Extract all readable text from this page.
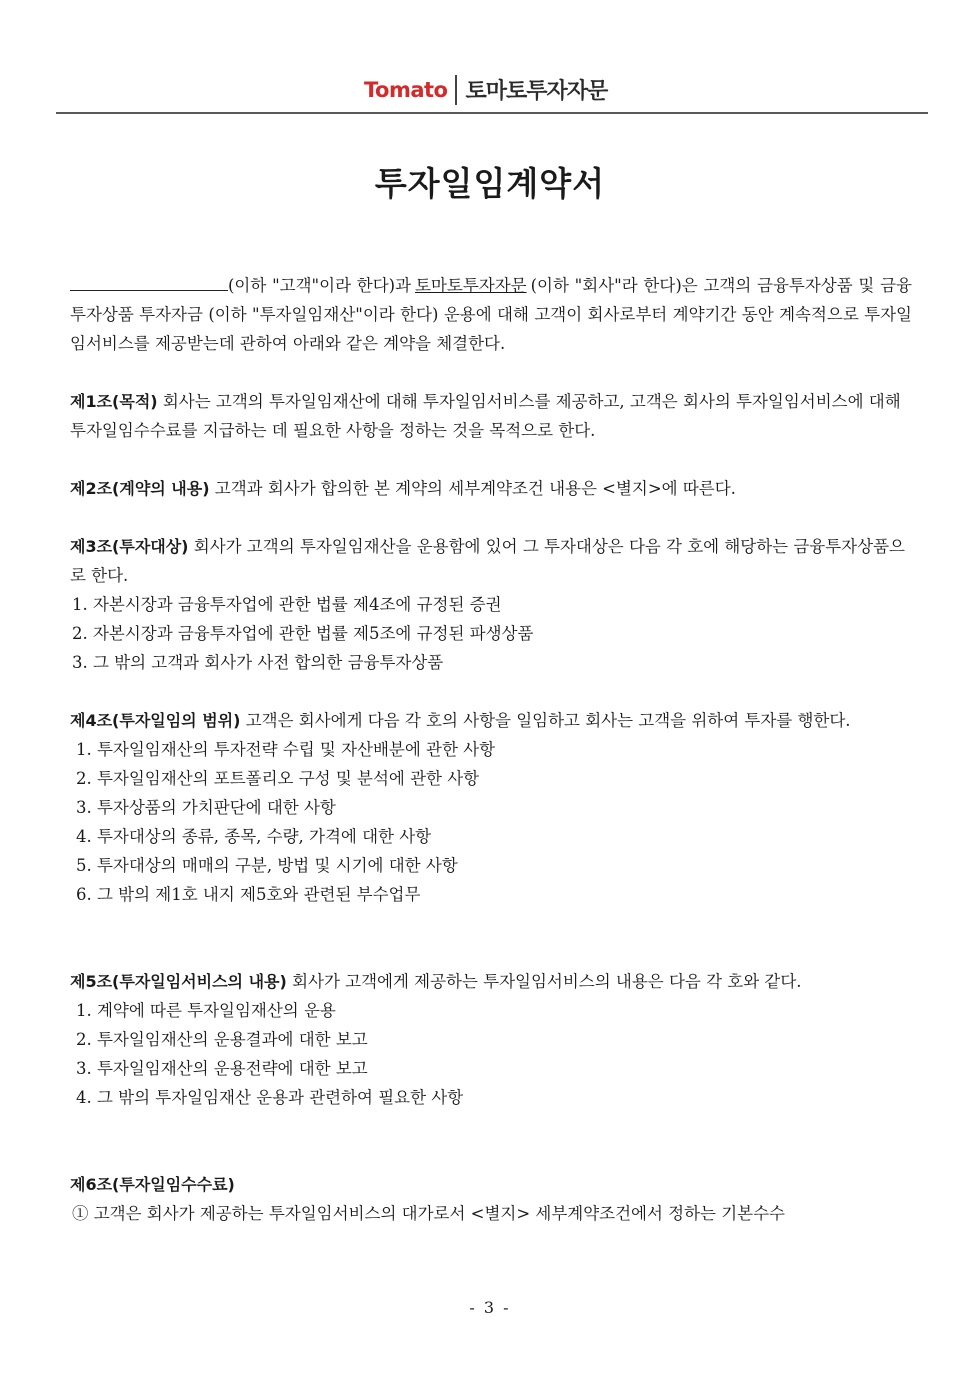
Tomato 토마토투자자문
투자일임계약서
(이하 "고객"이라 한다)과 토마토투자자문 (이하 "회사"라 한다)은 고객의 금융투자상품 및 금융투자상품 투자자금 (이하 "투자일임재산"이라 한다) 운용에 대해 고객이 회사로부터 계약기간 동안 계속적으로 투자일임서비스를 제공받는데 관하여 아래와 같은 계약을 체결한다.

제1조(목적) 회사는 고객의 투자일임재산에 대해 투자일임서비스를 제공하고, 고객은 회사의 투자일임서비스에 대해 투자일임수수료를 지급하는 데 필요한 사항을 정하는 것을 목적으로 한다.

제2조(계약의 내용) 고객과 회사가 합의한 본 계약의 세부계약조건 내용은 <별지>에 따른다.

제3조(투자대상) 회사가 고객의 투자일임재산을 운용함에 있어 그 투자대상은 다음 각 호에 해당하는 금융투자상품으로 한다.

1. 자본시장과 금융투자업에 관한 법률 제4조에 규정된 증권
2. 자본시장과 금융투자업에 관한 법률 제5조에 규정된 파생상품
3. 그 밖의 고객과 회사가 사전 합의한 금융투자상품

제4조(투자일임의 범위) 고객은 회사에게 다음 각 호의 사항을 일임하고 회사는 고객을 위하여 투자를 행한다.

1. 투자일임재산의 투자전략 수립 및 자산배분에 관한 사항
2. 투자일임재산의 포트폴리오 구성 및 분석에 관한 사항
3. 투자상품의 가치판단에 대한 사항
4. 투자대상의 종류, 종목, 수량, 가격에 대한 사항
5. 투자대상의 매매의 구분, 방법 및 시기에 대한 사항
6. 그 밖의 제1호 내지 제5호와 관련된 부수업무

제5조(투자일임서비스의 내용) 회사가 고객에게 제공하는 투자일임서비스의 내용은 다음 각 호와 같다.

1. 계약에 따른 투자일임재산의 운용
2. 투자일임재산의 운용결과에 대한 보고
3. 투자일임재산의 운용전략에 대한 보고
4. 그 밖의 투자일임재산 운용과 관련하여 필요한 사항

제6조(투자일임수수료)

① 고객은 회사가 제공하는 투자일임서비스의 대가로서 <별지> 세부계약조건에서 정하는 기본수수
- 3 -
